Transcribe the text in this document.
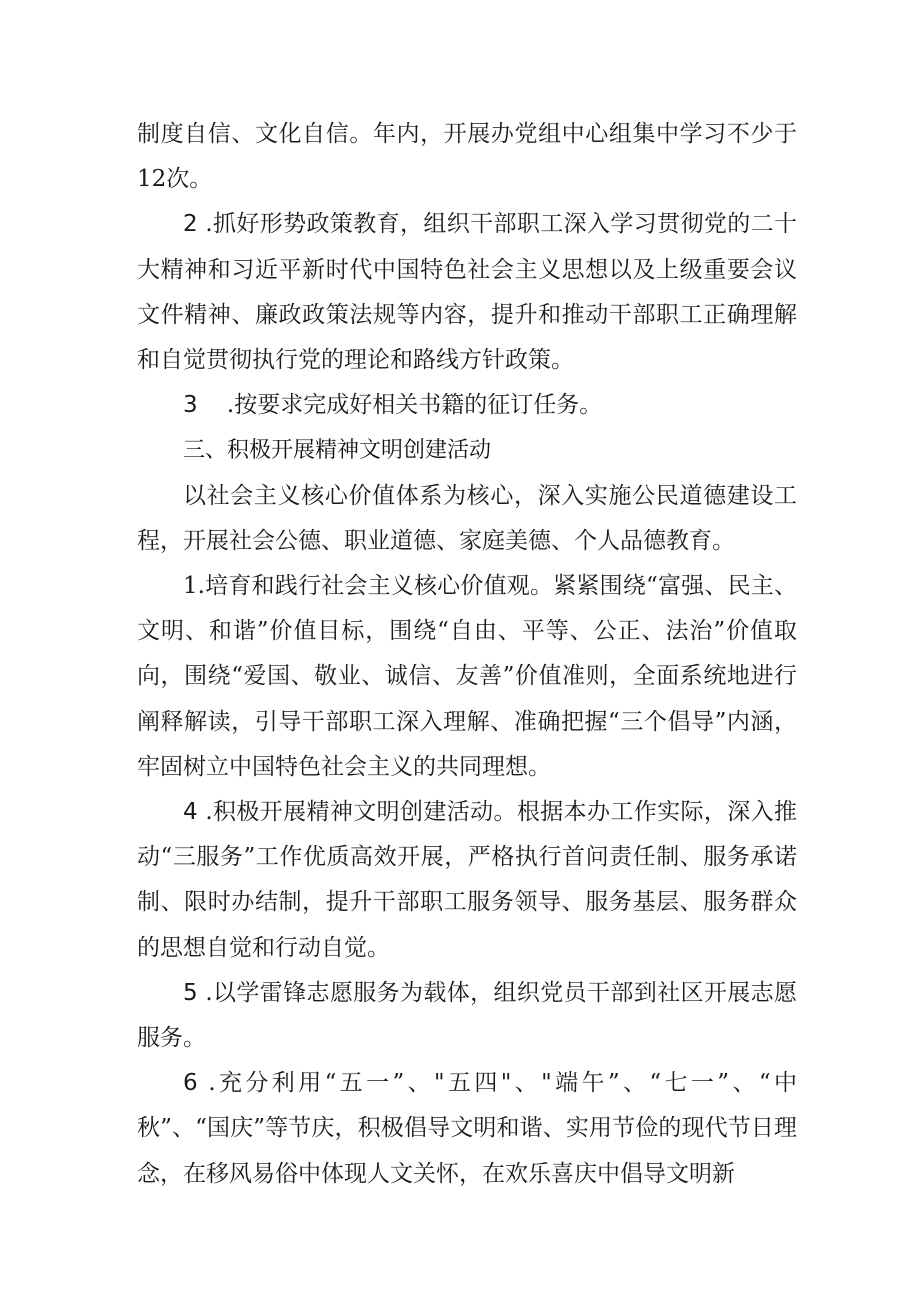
制度自信、文化自信。年内，开展办党组中心组集中学习不少于12次。

2 .抓好形势政策教育，组织干部职工深入学习贯彻党的二十大精神和习近平新时代中国特色社会主义思想以及上级重要会议文件精神、廉政政策法规等内容，提升和推动干部职工正确理解和自觉贯彻执行党的理论和路线方针政策。

3    .按要求完成好相关书籍的征订任务。

三、积极开展精神文明创建活动

以社会主义核心价值体系为核心，深入实施公民道德建设工程，开展社会公德、职业道德、家庭美德、个人品德教育。

1.培育和践行社会主义核心价值观。紧紧围绕“富强、民主、文明、和谐”价值目标，围绕“自由、平等、公正、法治”价值取向，围绕“爱国、敬业、诚信、友善”价值准则，全面系统地进行阐释解读，引导干部职工深入理解、准确把握“三个倡导”内涵，牢固树立中国特色社会主义的共同理想。

4 .积极开展精神文明创建活动。根据本办工作实际，深入推动“三服务”工作优质高效开展，严格执行首问责任制、服务承诺制、限时办结制，提升干部职工服务领导、服务基层、服务群众的思想自觉和行动自觉。

5 .以学雷锋志愿服务为载体，组织党员干部到社区开展志愿服务。

6 .充分利用“五一”、"五四"、"端午”、“七一”、“中秋”、“国庆”等节庆，积极倡导文明和谐、实用节俭的现代节日理念，在移风易俗中体现人文关怀，在欢乐喜庆中倡导文明新
